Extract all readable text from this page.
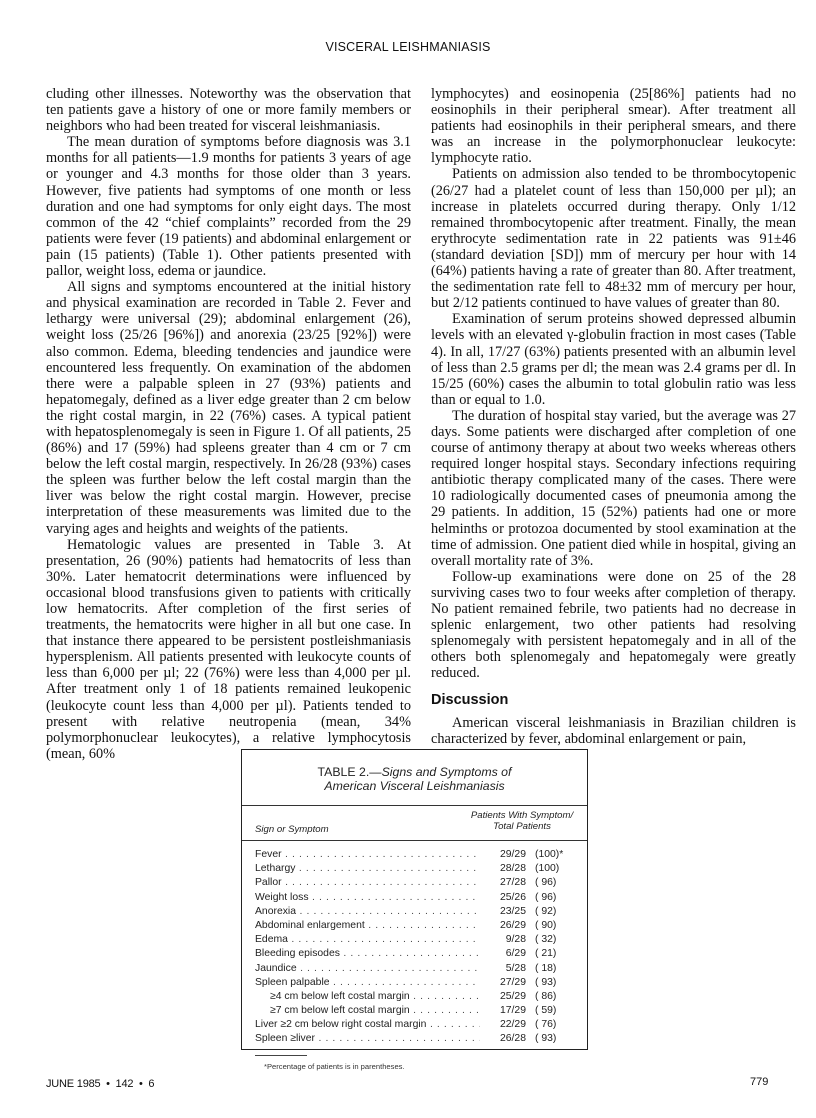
VISCERAL LEISHMANIASIS

cluding other illnesses. Noteworthy was the observation that ten patients gave a history of one or more family members or neighbors who had been treated for visceral leishmaniasis.

The mean duration of symptoms before diagnosis was 3.1 months for all patients—1.9 months for patients 3 years of age or younger and 4.3 months for those older than 3 years. However, five patients had symptoms of one month or less duration and one had symptoms for only eight days. The most common of the 42 “chief complaints” recorded from the 29 patients were fever (19 patients) and abdominal enlargement or pain (15 patients) (Table 1). Other patients presented with pallor, weight loss, edema or jaundice.

All signs and symptoms encountered at the initial history and physical examination are recorded in Table 2. Fever and lethargy were universal (29); abdominal enlargement (26), weight loss (25/26 [96%]) and anorexia (23/25 [92%]) were also common. Edema, bleeding tendencies and jaundice were encountered less frequently. On examination of the abdomen there were a palpable spleen in 27 (93%) patients and hepatomegaly, defined as a liver edge greater than 2 cm below the right costal margin, in 22 (76%) cases. A typical patient with hepatosplenomegaly is seen in Figure 1. Of all patients, 25 (86%) and 17 (59%) had spleens greater than 4 cm or 7 cm below the left costal margin, respectively. In 26/28 (93%) cases the spleen was further below the left costal margin than the liver was below the right costal margin. However, precise interpretation of these measurements was limited due to the varying ages and heights and weights of the patients.

Hematologic values are presented in Table 3. At presentation, 26 (90%) patients had hematocrits of less than 30%. Later hematocrit determinations were influenced by occasional blood transfusions given to patients with critically low hematocrits. After completion of the first series of treatments, the hematocrits were higher in all but one case. In that instance there appeared to be persistent postleishmaniasis hypersplenism. All patients presented with leukocyte counts of less than 6,000 per µl; 22 (76%) were less than 4,000 per µl. After treatment only 1 of 18 patients remained leukopenic (leukocyte count less than 4,000 per µl). Patients tended to present with relative neutropenia (mean, 34% polymorphonuclear leukocytes), a relative lymphocytosis (mean, 60%

lymphocytes) and eosinopenia (25[86%] patients had no eosinophils in their peripheral smear). After treatment all patients had eosinophils in their peripheral smears, and there was an increase in the polymorphonuclear leukocyte: lymphocyte ratio.

Patients on admission also tended to be thrombocytopenic (26/27 had a platelet count of less than 150,000 per µl); an increase in platelets occurred during therapy. Only 1/12 remained thrombocytopenic after treatment. Finally, the mean erythrocyte sedimentation rate in 22 patients was 91±46 (standard deviation [SD]) mm of mercury per hour with 14 (64%) patients having a rate of greater than 80. After treatment, the sedimentation rate fell to 48±32 mm of mercury per hour, but 2/12 patients continued to have values of greater than 80.

Examination of serum proteins showed depressed albumin levels with an elevated γ-globulin fraction in most cases (Table 4). In all, 17/27 (63%) patients presented with an albumin level of less than 2.5 grams per dl; the mean was 2.4 grams per dl. In 15/25 (60%) cases the albumin to total globulin ratio was less than or equal to 1.0.

The duration of hospital stay varied, but the average was 27 days. Some patients were discharged after completion of one course of antimony therapy at about two weeks whereas others required longer hospital stays. Secondary infections requiring antibiotic therapy complicated many of the cases. There were 10 radiologically documented cases of pneumonia among the 29 patients. In addition, 15 (52%) patients had one or more helminths or protozoa documented by stool examination at the time of admission. One patient died while in hospital, giving an overall mortality rate of 3%.

Follow-up examinations were done on 25 of the 28 surviving cases two to four weeks after completion of therapy. No patient remained febrile, two patients had no decrease in splenic enlargement, two other patients had resolving splenomegaly with persistent hepatomegaly and in all of the others both splenomegaly and hepatomegaly were greatly reduced.

Discussion

American visceral leishmaniasis in Brazilian children is characterized by fever, abdominal enlargement or pain,

TABLE 2.—Signs and Symptoms of
American Visceral Leishmaniasis
Sign or Symptom
Patients With Symptom/
Total Patients
Fever . . .	29/29 (100)*
Lethargy . . .	28/28 (100)
Pallor . . .	27/28 ( 96)
Weight loss . . .	25/26 ( 96)
Anorexia . . .	23/25 ( 92)
Abdominal enlargement . . .	26/29 ( 90)
Edema . . .	9/28 ( 32)
Bleeding episodes . . .	6/29 ( 21)
Jaundice . . .	5/28 ( 18)
Spleen palpable . . .	27/29 ( 93)
≥4 cm below left costal margin . . .	25/29 ( 86)
≥7 cm below left costal margin . . .	17/29 ( 59)
Liver ≥2 cm below right costal margin . . .	22/29 ( 76)
Spleen ≥liver . . .	26/28 ( 93)
*Percentage of patients is in parentheses.
JUNE 1985  •  142  •  6	779
